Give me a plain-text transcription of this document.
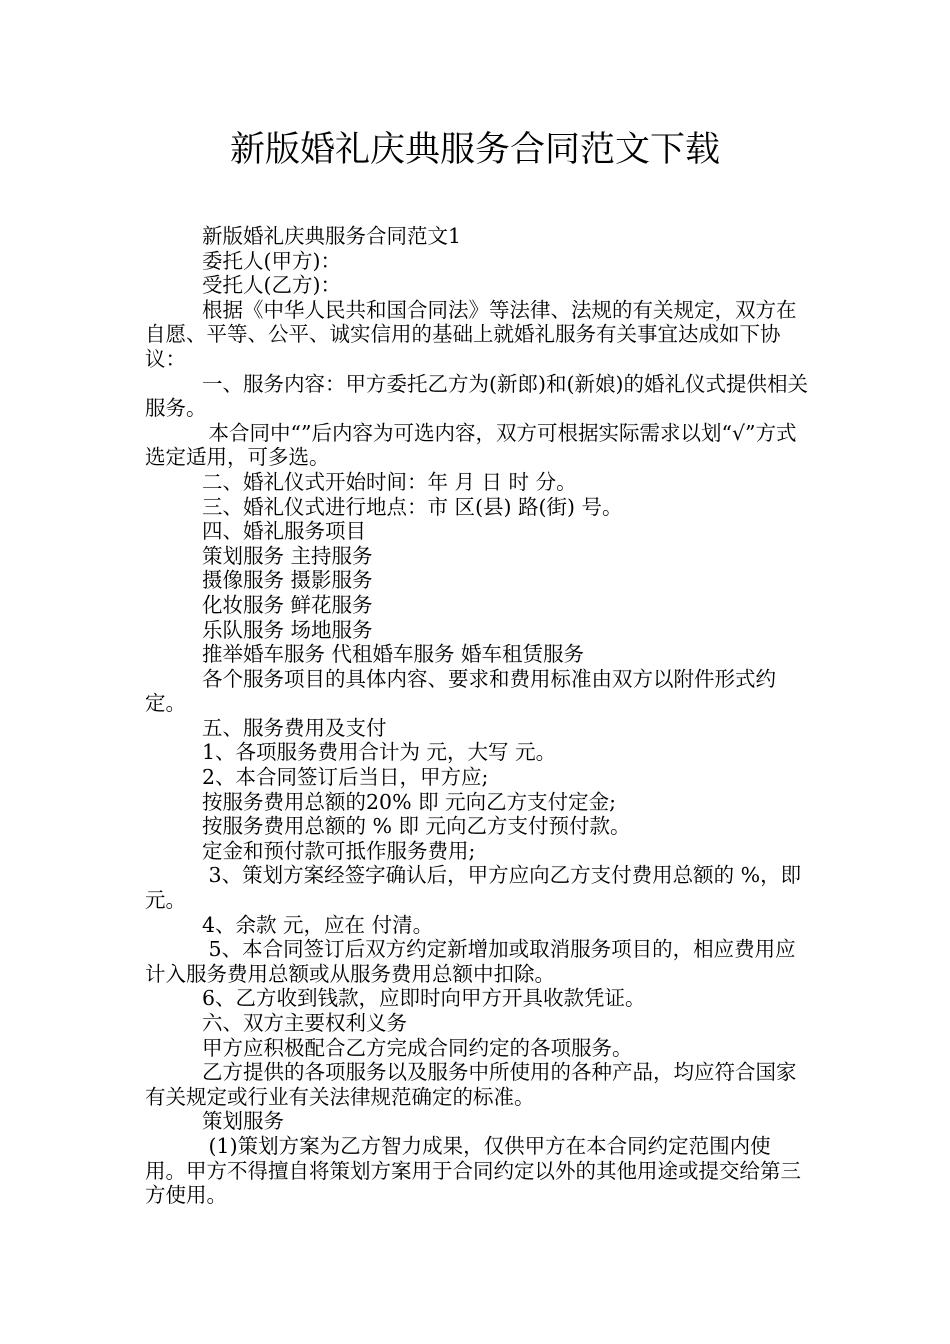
新版婚礼庆典服务合同范文下载

新版婚礼庆典服务合同范文1

委托人(甲方)：

受托人(乙方)：

根据《中华人民共和国合同法》等法律、法规的有关规定，双方在自愿、平等、公平、诚实信用的基础上就婚礼服务有关事宜达成如下协议：

一、服务内容：甲方委托乙方为(新郎)和(新娘)的婚礼仪式提供相关服务。

本合同中“”后内容为可选内容，双方可根据实际需求以划“√”方式选定适用，可多选。

二、婚礼仪式开始时间：年 月 日 时 分。

三、婚礼仪式进行地点：市 区(县) 路(街) 号。

四、婚礼服务项目

策划服务 主持服务

摄像服务 摄影服务

化妆服务 鲜花服务

乐队服务 场地服务

推举婚车服务 代租婚车服务 婚车租赁服务

各个服务项目的具体内容、要求和费用标准由双方以附件形式约定。

五、服务费用及支付

1、各项服务费用合计为 元，大写 元。

2、本合同签订后当日，甲方应;

按服务费用总额的20% 即 元向乙方支付定金;

按服务费用总额的 % 即 元向乙方支付预付款。

定金和预付款可抵作服务费用;

3、策划方案经签字确认后，甲方应向乙方支付费用总额的 %，即 元。

4、余款 元，应在 付清。

5、本合同签订后双方约定新增加或取消服务项目的，相应费用应计入服务费用总额或从服务费用总额中扣除。

6、乙方收到钱款，应即时向甲方开具收款凭证。

六、双方主要权利义务

甲方应积极配合乙方完成合同约定的各项服务。

乙方提供的各项服务以及服务中所使用的各种产品，均应符合国家有关规定或行业有关法律规范确定的标准。

策划服务

(1)策划方案为乙方智力成果，仅供甲方在本合同约定范围内使用。甲方不得擅自将策划方案用于合同约定以外的其他用途或提交给第三方使用。
